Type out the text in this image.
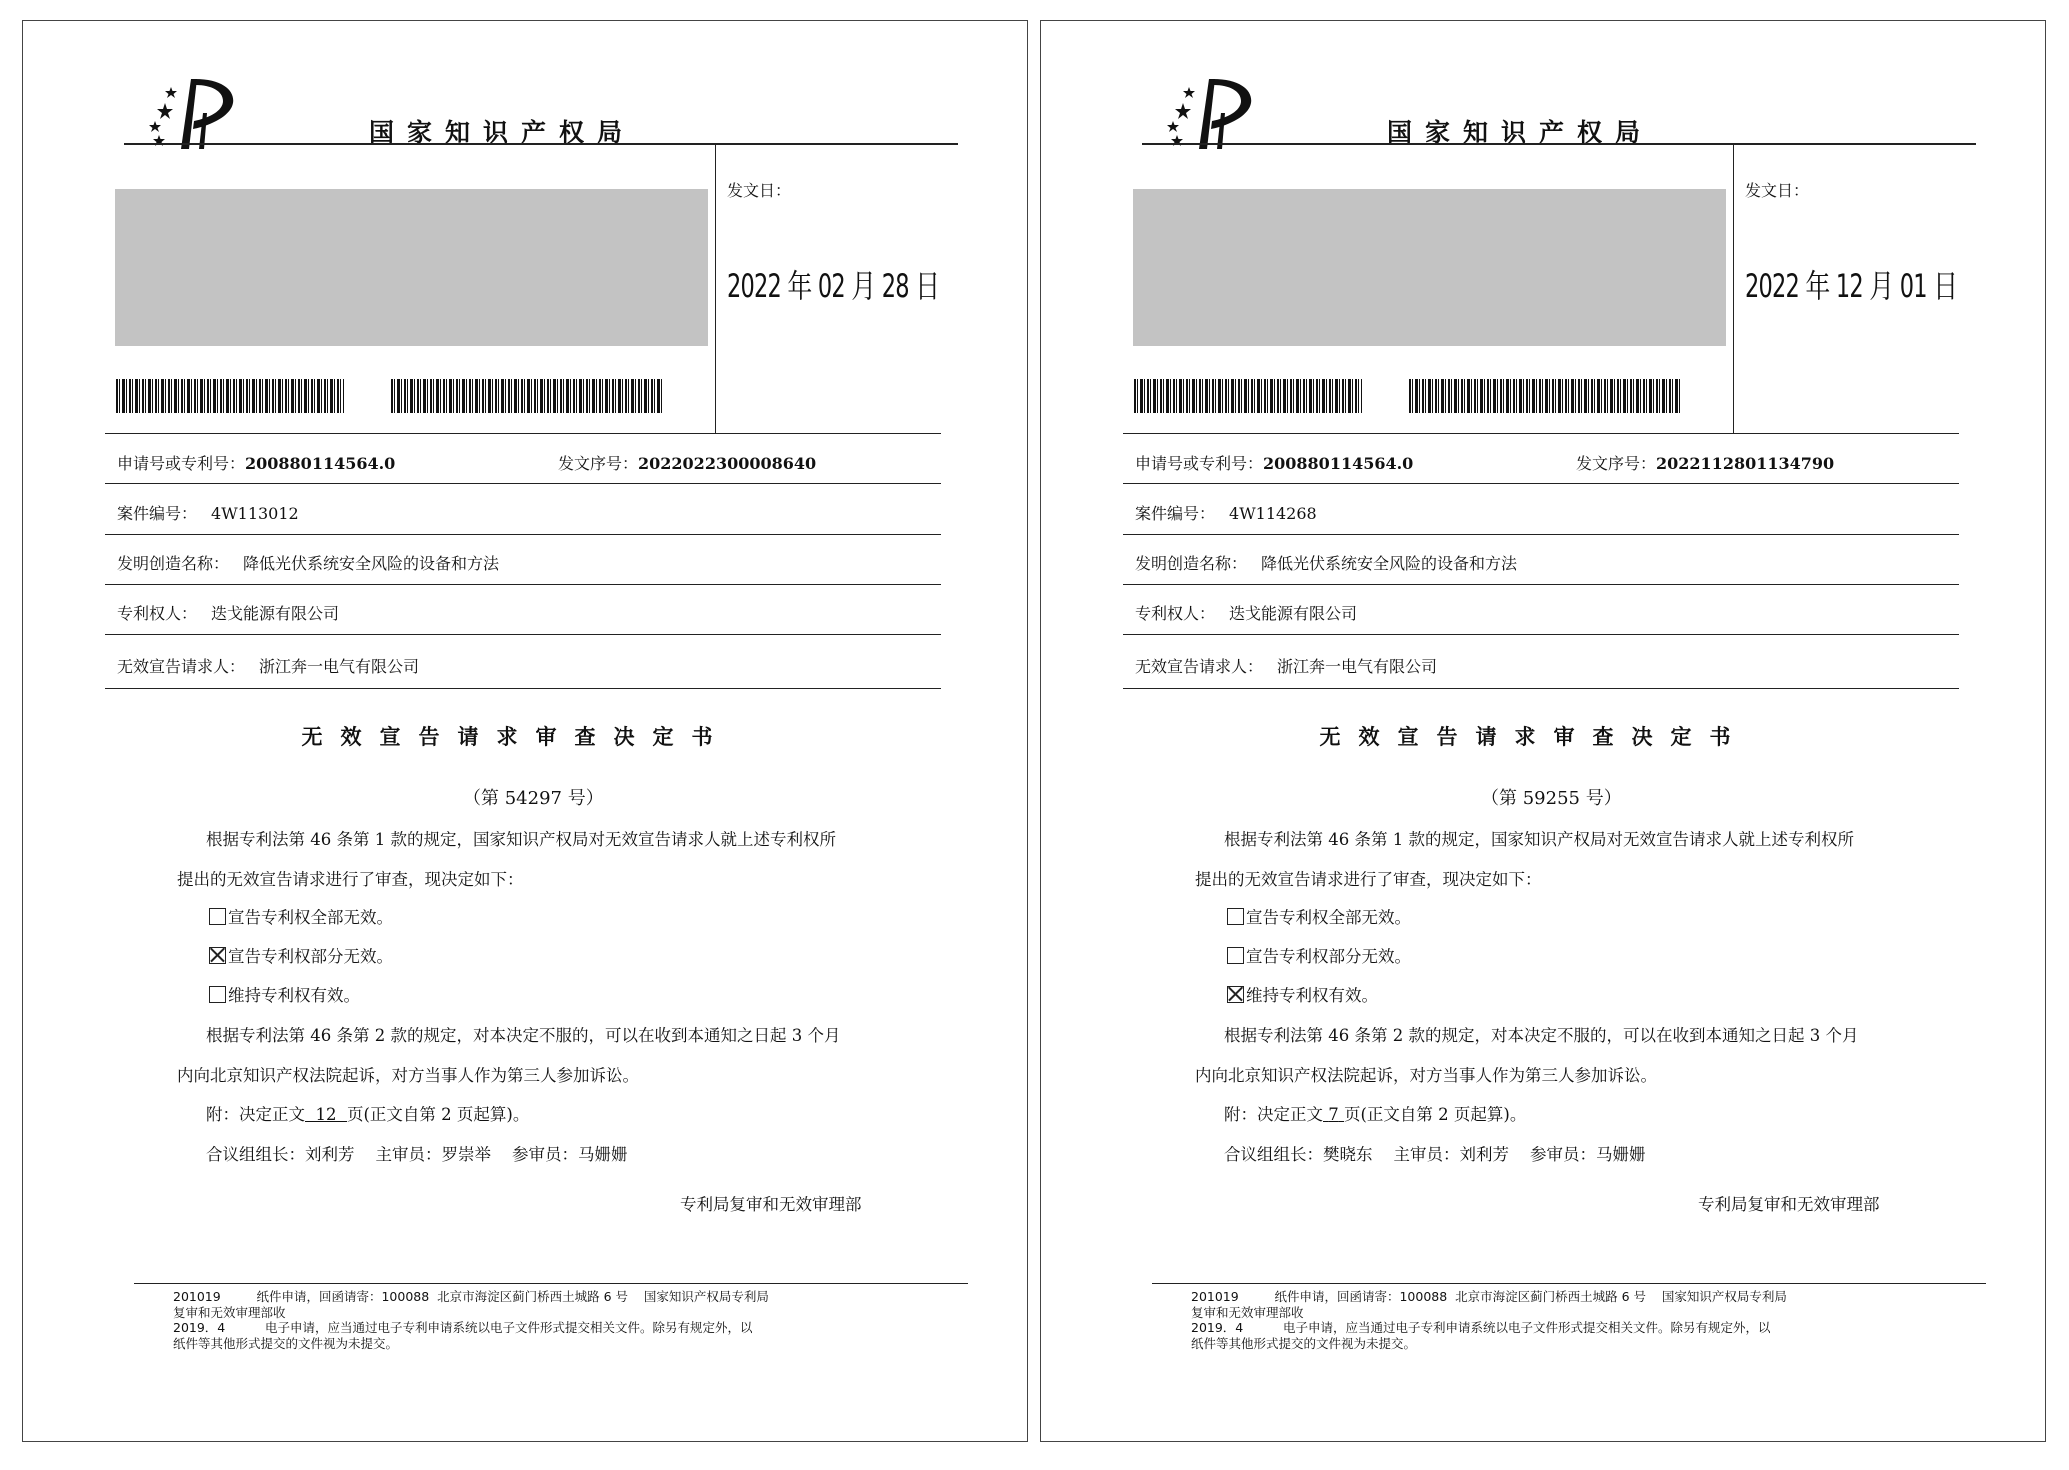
国家知识产权局
发文日：
2022 年 02 月 28 日
申请号或专利号：200880114564.0	发文序号：2022022300008640
案件编号： 4W113012
发明创造名称： 降低光伏系统安全风险的设备和方法
专利权人： 迭戈能源有限公司
无效宣告请求人： 浙江奔一电气有限公司
无效宣告请求审查决定书
（第 54297 号）
根据专利法第 46 条第 1 款的规定，国家知识产权局对无效宣告请求人就上述专利权所
提出的无效宣告请求进行了审查，现决定如下：
宣告专利权全部无效。
宣告专利权部分无效。
维持专利权有效。
根据专利法第 46 条第 2 款的规定，对本决定不服的，可以在收到本通知之日起 3 个月
内向北京知识产权法院起诉，对方当事人作为第三人参加诉讼。
附：决定正文 12 页(正文自第 2 页起算)。
合议组组长：刘利芳 主审员：罗崇举 参审员：马姗姗
专利局复审和无效审理部
201019         纸件申请，回函请寄：100088  北京市海淀区蓟门桥西土城路 6 号    国家知识产权局专利局
复审和无效审理部收
2019．4          电子申请，应当通过电子专利申请系统以电子文件形式提交相关文件。除另有规定外，以
纸件等其他形式提交的文件视为未提交。
国家知识产权局
发文日：
2022 年 12 月 01 日
申请号或专利号：200880114564.0	发文序号：2022112801134790
案件编号： 4W114268
发明创造名称： 降低光伏系统安全风险的设备和方法
专利权人： 迭戈能源有限公司
无效宣告请求人： 浙江奔一电气有限公司
无效宣告请求审查决定书
（第 59255 号）
根据专利法第 46 条第 1 款的规定，国家知识产权局对无效宣告请求人就上述专利权所
提出的无效宣告请求进行了审查，现决定如下：
宣告专利权全部无效。
宣告专利权部分无效。
维持专利权有效。
根据专利法第 46 条第 2 款的规定，对本决定不服的，可以在收到本通知之日起 3 个月
内向北京知识产权法院起诉，对方当事人作为第三人参加诉讼。
附：决定正文 7 页(正文自第 2 页起算)。
合议组组长：樊晓东 主审员：刘利芳 参审员：马姗姗
专利局复审和无效审理部
201019         纸件申请，回函请寄：100088  北京市海淀区蓟门桥西土城路 6 号    国家知识产权局专利局
复审和无效审理部收
2019．4          电子申请，应当通过电子专利申请系统以电子文件形式提交相关文件。除另有规定外，以
纸件等其他形式提交的文件视为未提交。
